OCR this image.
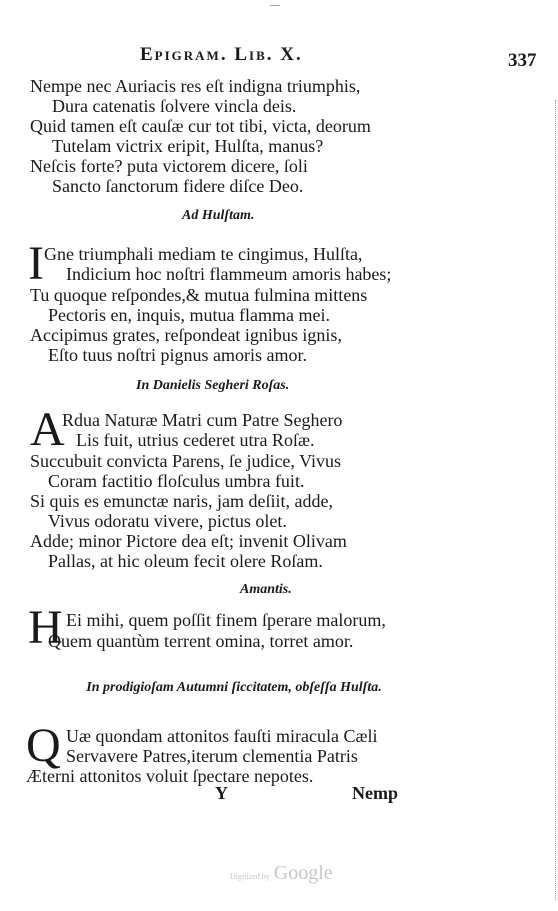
—
Epigram. Lib. X.	337
Nempe nec Auriacis res eſt indigna triumphis,
Dura catenatis ſolvere vincla deis.
Quid tamen eſt cauſæ cur tot tibi, victa, deorum
Tutelam victrix eripit, Hulſta, manus?
Neſcis forte? puta victorem dicere, ſoli
Sancto ſanctorum fidere diſce Deo.
Ad Hulſtam.
I Gne triumphali mediam te cingimus, Hulſta,
Indicium hoc noſtri flammeum amoris habes;
Tu quoque reſpondes,& mutua fulmina mittens
Pectoris en, inquis, mutua flamma mei.
Accipimus grates, reſpondeat ignibus ignis,
Eſto tuus noſtri pignus amoris amor.
In Danielis Segheri Roſas.
A
Rdua Naturæ Matri cum Patre Seghero
Lis fuit, utrius cederet utra Roſæ.
Succubuit convicta Parens, ſe judice, Vivus
Coram factitio floſculus umbra fuit.
Si quis es emunctæ naris, jam deſiit, adde,
Vivus odoratu vivere, pictus olet.
Adde; minor Pictore dea eſt; invenit Olivam
Pallas, at hic oleum fecit olere Roſam.
Amantis.
H Ei mihi, quem poſſit finem ſperare malorum,
Quem quantùm terrent omina, torret amor.
In prodigioſam Autumni ſiccitatem, obſeſſa Hulſta.
Q Uæ quondam attonitos fauſti miracula Cæli
Servavere Patres,iterum clementia Patris
Æterni attonitos voluit ſpectare nepotes.
Y	Nemp
Digitized by Google
